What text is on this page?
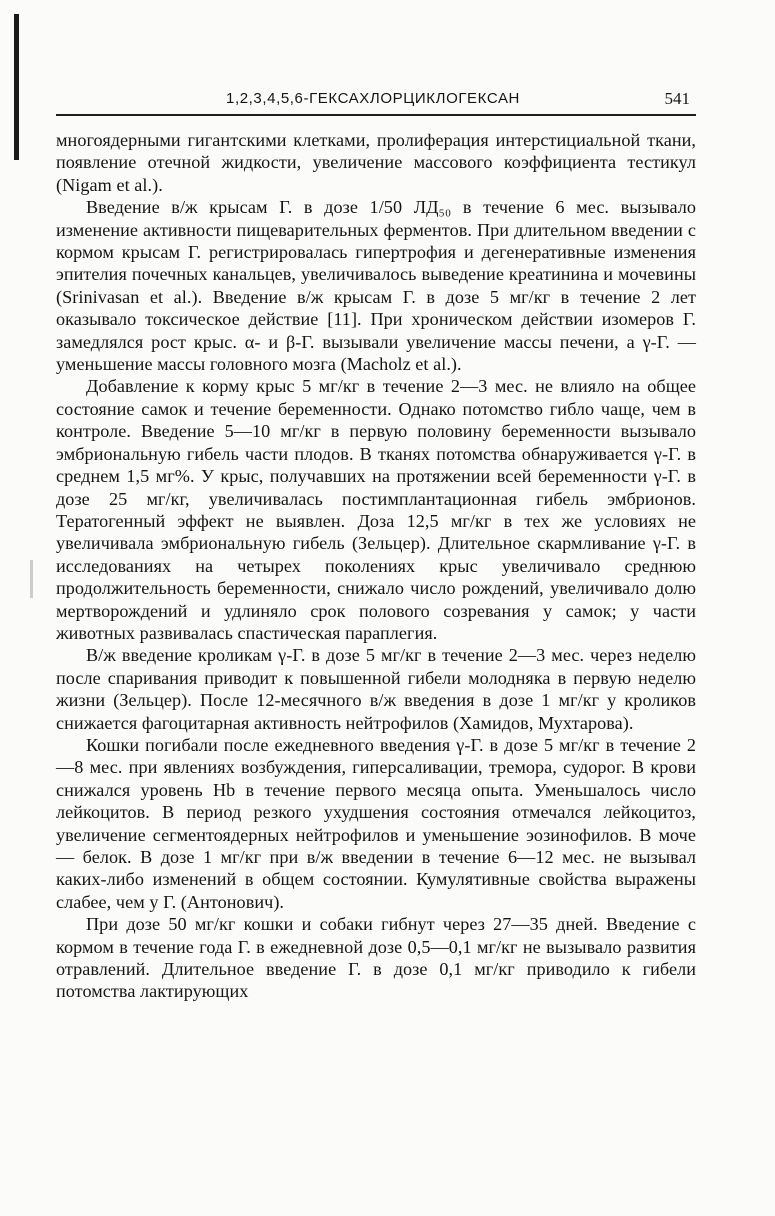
1,2,3,4,5,6-ГЕКСАХЛОРЦИКЛОГЕКСАН	541

многоядерными гигантскими клетками, пролиферация интерстициальной ткани, появление отечной жидкости, увеличение массового коэффициента тестикул (Nigam et al.).

Введение в/ж крысам Г. в дозе 1/50 ЛД₅₀ в течение 6 мес. вызывало изменение активности пищеварительных ферментов. При длительном введении с кормом крысам Г. регистрировалась гипертрофия и дегенеративные изменения эпителия почечных канальцев, увеличивалось выведение креатинина и мочевины (Srinivasan et al.). Введение в/ж крысам Г. в дозе 5 мг/кг в течение 2 лет оказывало токсическое действие [11]. При хроническом действии изомеров Г. замедлялся рост крыс. α- и β-Г. вызывали увеличение массы печени, а γ-Г. — уменьшение массы головного мозга (Macholz et al.).

Добавление к корму крыс 5 мг/кг в течение 2—3 мес. не влияло на общее состояние самок и течение беременности. Однако потомство гибло чаще, чем в контроле. Введение 5—10 мг/кг в первую половину беременности вызывало эмбриональную гибель части плодов. В тканях потомства обнаруживается γ-Г. в среднем 1,5 мг%. У крыс, получавших на протяжении всей беременности γ-Г. в дозе 25 мг/кг, увеличивалась постимплантационная гибель эмбрионов. Тератогенный эффект не выявлен. Доза 12,5 мг/кг в тех же условиях не увеличивала эмбриональную гибель (Зельцер). Длительное скармливание γ-Г. в исследованиях на четырех поколениях крыс увеличивало среднюю продолжительность беременности, снижало число рождений, увеличивало долю мертворождений и удлиняло срок полового созревания у самок; у части животных развивалась спастическая параплегия.

В/ж введение кроликам γ-Г. в дозе 5 мг/кг в течение 2—3 мес. через неделю после спаривания приводит к повышенной гибели молодняка в первую неделю жизни (Зельцер). После 12-месячного в/ж введения в дозе 1 мг/кг у кроликов снижается фагоцитарная активность нейтрофилов (Хамидов, Мухтарова).

Кошки погибали после ежедневного введения γ-Г. в дозе 5 мг/кг в течение 2—8 мес. при явлениях возбуждения, гиперсаливации, тремора, судорог. В крови снижался уровень Hb в течение первого месяца опыта. Уменьшалось число лейкоцитов. В период резкого ухудшения состояния отмечался лейкоцитоз, увеличение сегментоядерных нейтрофилов и уменьшение эозинофилов. В моче — белок. В дозе 1 мг/кг при в/ж введении в течение 6—12 мес. не вызывал каких-либо изменений в общем состоянии. Кумулятивные свойства выражены слабее, чем у Г. (Антонович).

При дозе 50 мг/кг кошки и собаки гибнут через 27—35 дней. Введение с кормом в течение года Г. в ежедневной дозе 0,5—0,1 мг/кг не вызывало развития отравлений. Длительное введение Г. в дозе 0,1 мг/кг приводило к гибели потомства лактирующих
